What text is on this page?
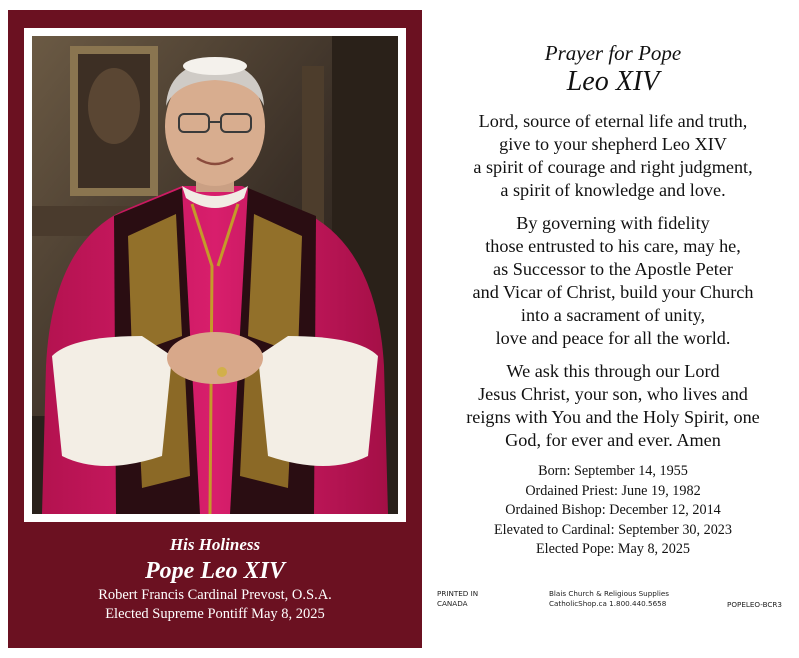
His Holiness
Pope Leo XIV
Robert Francis Cardinal Prevost, O.S.A.
Elected Supreme Pontiff May 8, 2025
Prayer for Pope
Leo XIV
Lord, source of eternal life and truth,
give to your shepherd Leo XIV
a spirit of courage and right judgment,
a spirit of knowledge and love.
By governing with fidelity
those entrusted to his care, may he,
as Successor to the Apostle Peter
and Vicar of Christ, build your Church
into a sacrament of unity,
love and peace for all the world.
We ask this through our Lord
Jesus Christ, your son, who lives and
reigns with You and the Holy Spirit, one
God, for ever and ever. Amen
Born: September 14, 1955
Ordained Priest: June 19, 1982
Ordained Bishop: December 12, 2014
Elevated to Cardinal: September 30, 2023
Elected Pope: May 8, 2025
PRINTED IN
CANADA
Blais Church & Religious Supplies
CatholicShop.ca 1.800.440.5658	POPELEO-BCR3
